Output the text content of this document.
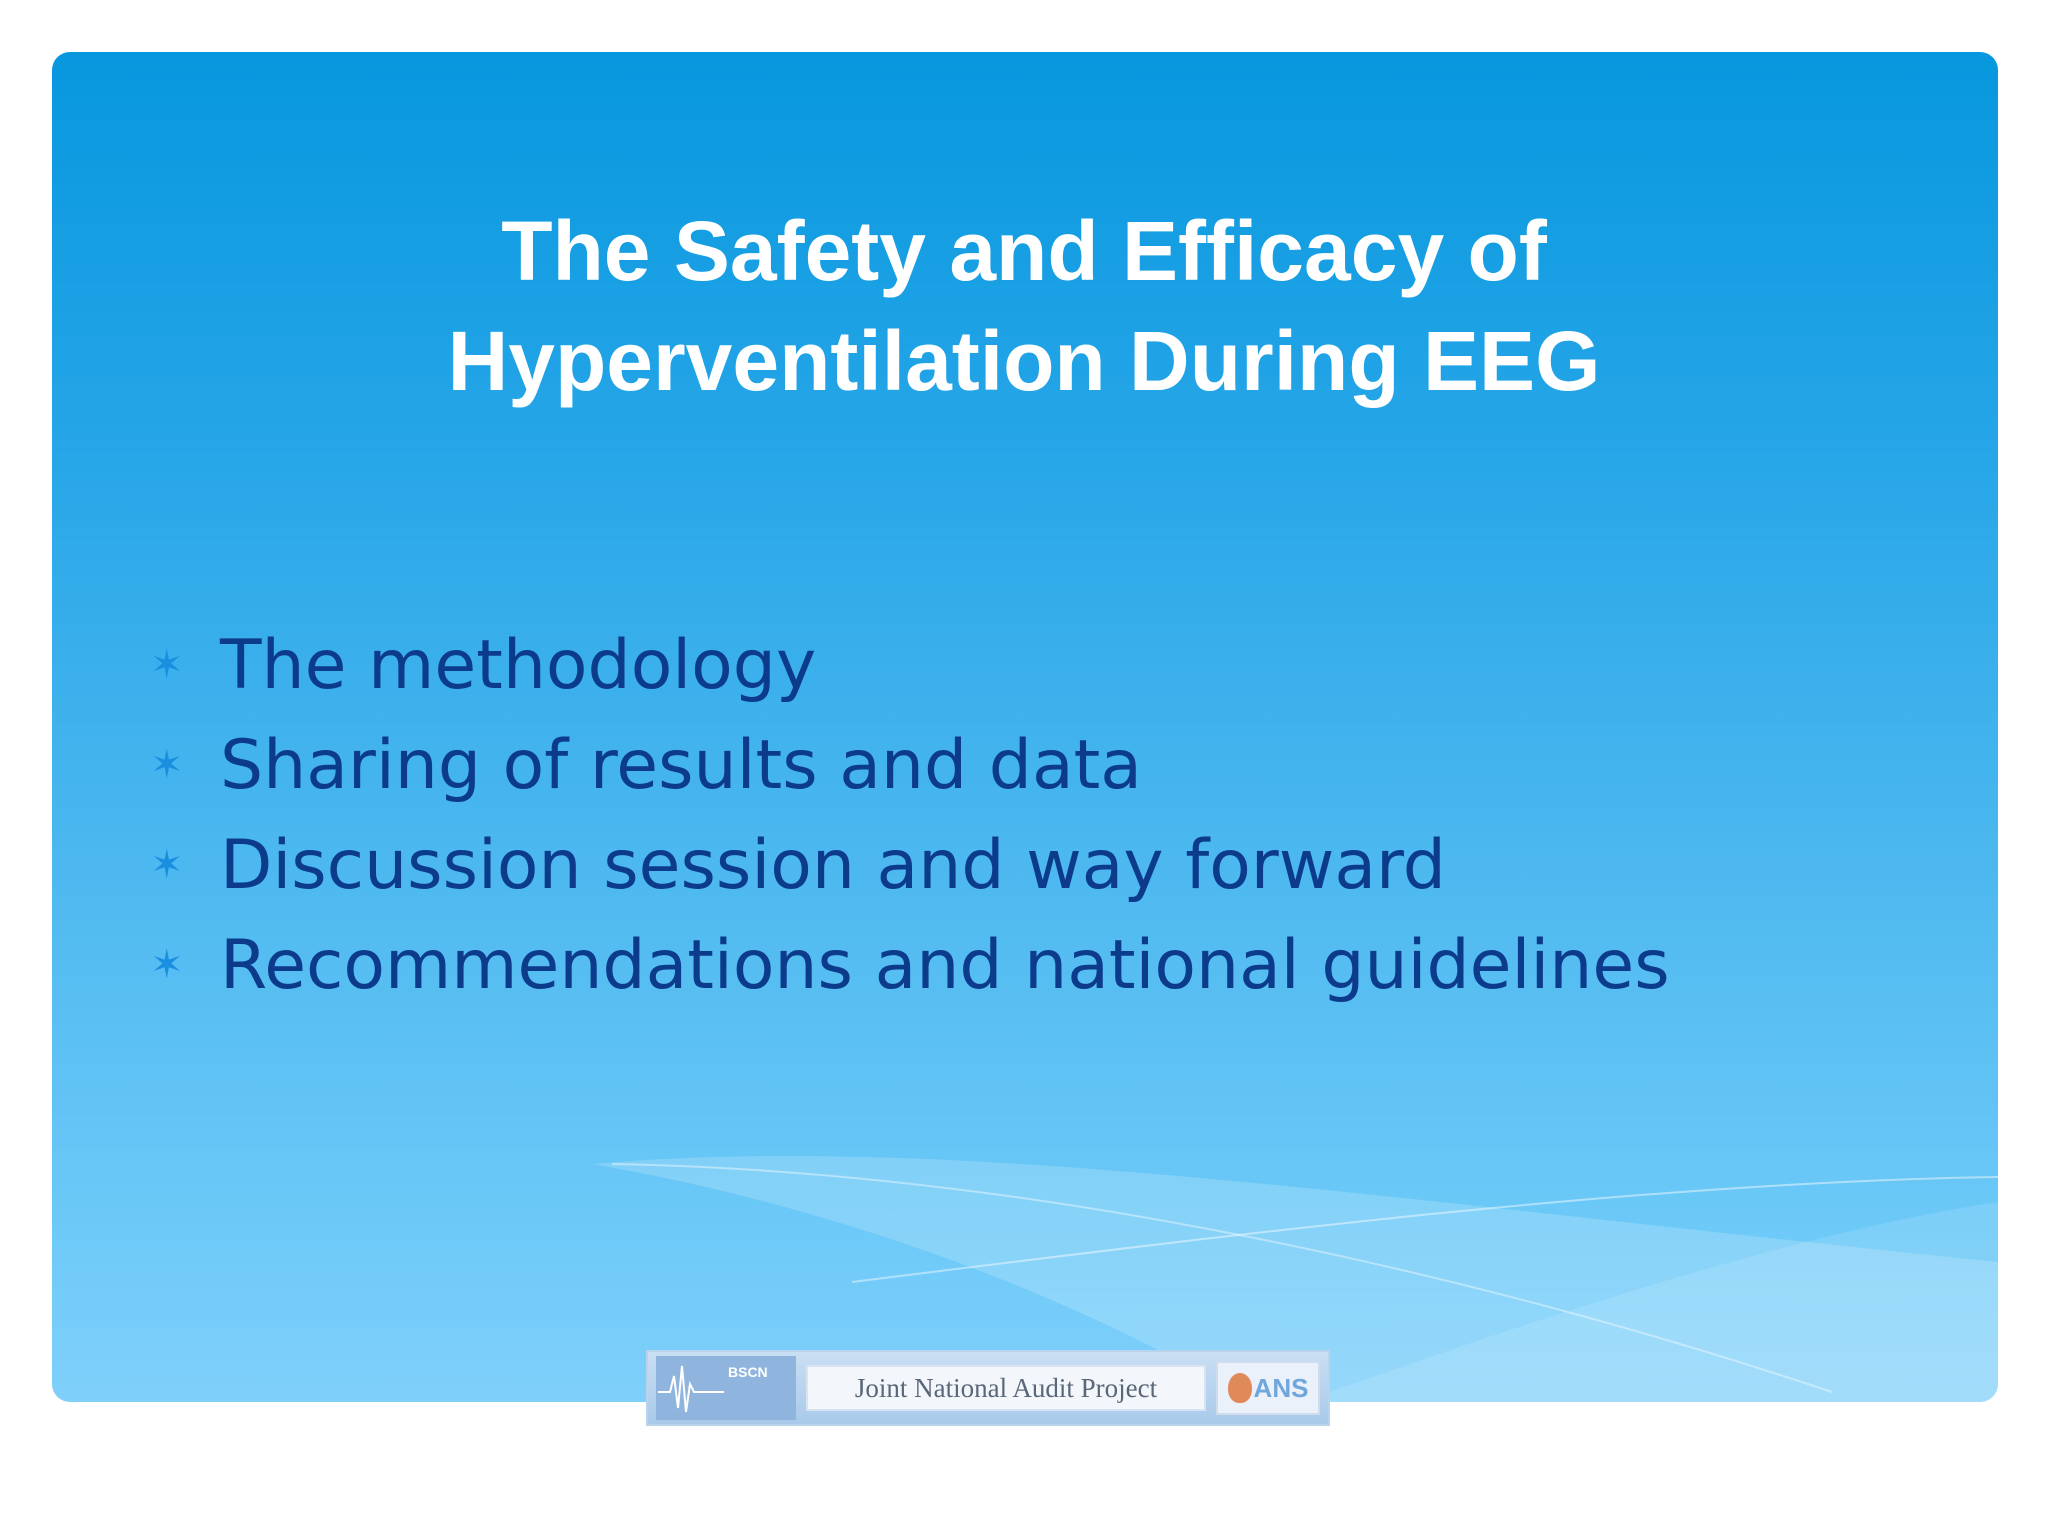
The Safety and Efficacy of
Hyperventilation During EEG
✶ The methodology
✶ Sharing of results and data
✶ Discussion session and way forward
✶ Recommendations and national guidelines
BSCN
Joint National Audit Project	ANS
